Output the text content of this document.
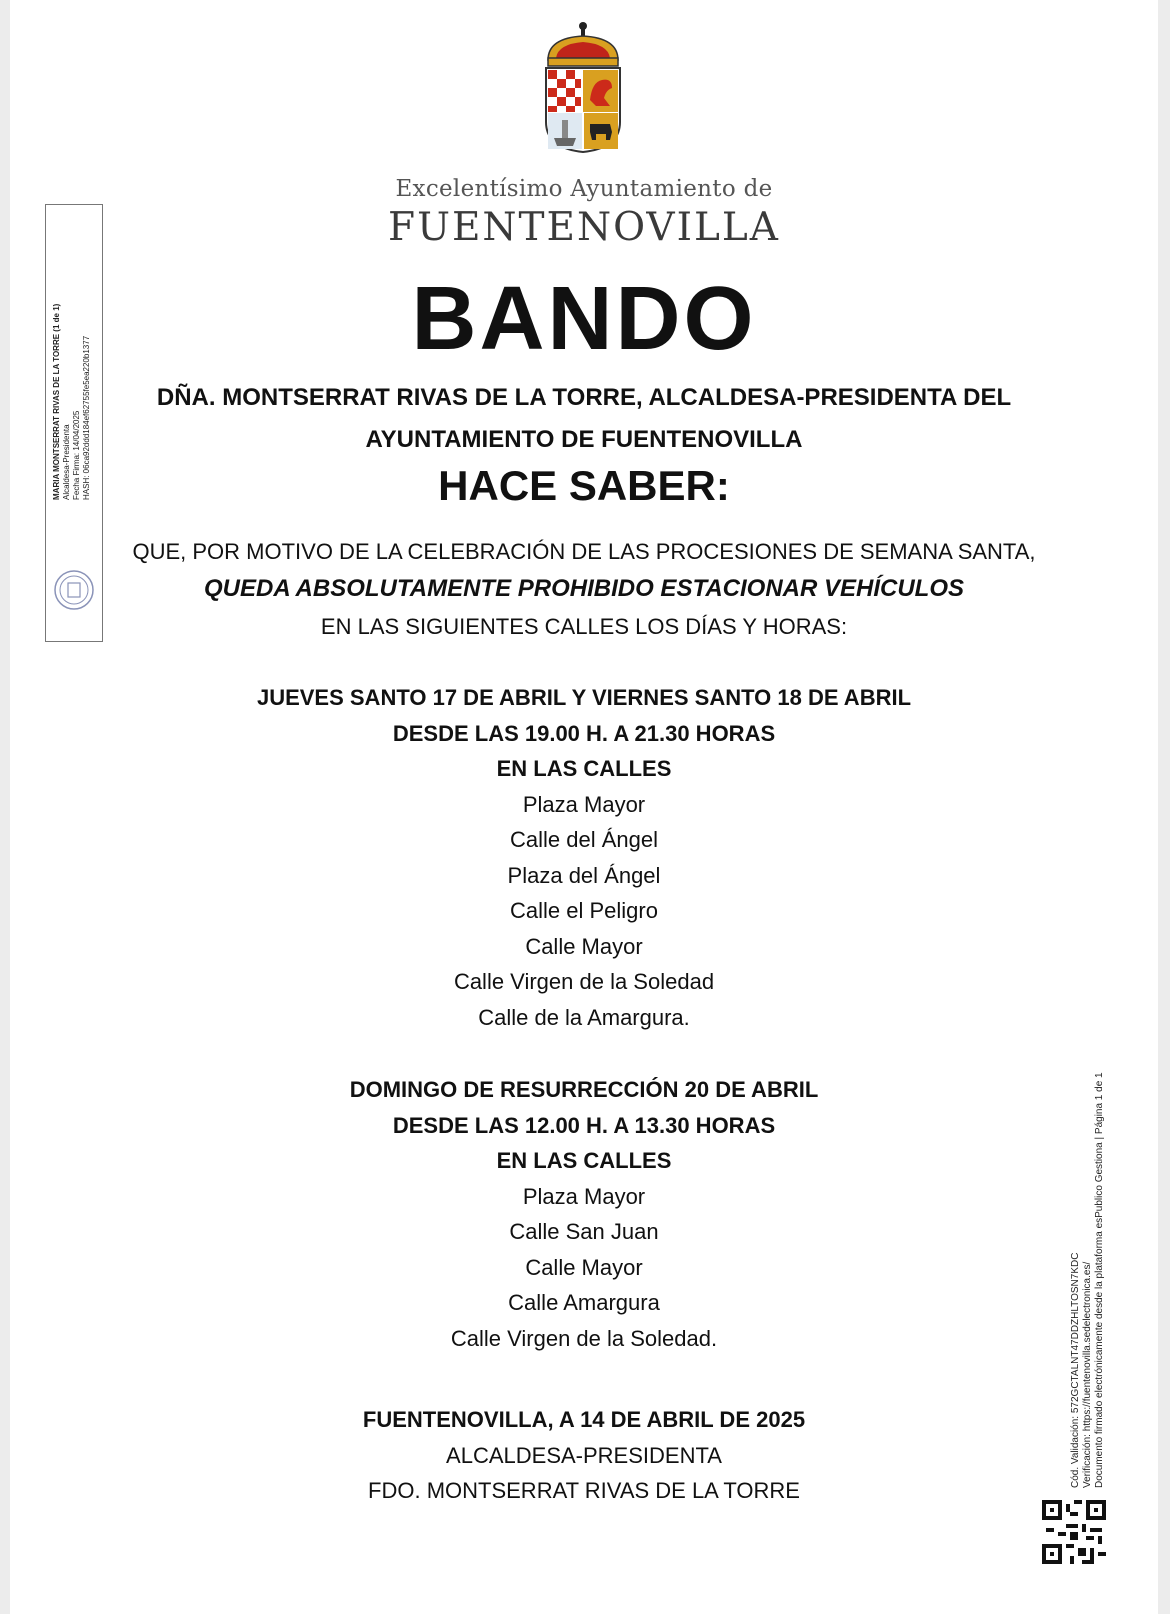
Excelentísimo Ayuntamiento de
FUENTENOVILLA
BANDO
DÑA. MONTSERRAT RIVAS DE LA TORRE, ALCALDESA-PRESIDENTA DEL
AYUNTAMIENTO DE FUENTENOVILLA
HACE SABER:
QUE, POR MOTIVO DE LA CELEBRACIÓN DE LAS PROCESIONES DE SEMANA SANTA,
QUEDA ABSOLUTAMENTE PROHIBIDO ESTACIONAR VEHÍCULOS
EN LAS SIGUIENTES CALLES LOS DÍAS Y HORAS:
JUEVES SANTO 17 DE ABRIL Y VIERNES SANTO 18 DE ABRIL
DESDE LAS 19.00 H. A 21.30 HORAS
EN LAS CALLES
Plaza Mayor
Calle del Ángel
Plaza del Ángel
Calle el Peligro
Calle Mayor
Calle Virgen de la Soledad
Calle de la Amargura.
DOMINGO DE RESURRECCIÓN 20 DE ABRIL
DESDE LAS 12.00 H. A 13.30 HORAS
EN LAS CALLES
Plaza Mayor
Calle San Juan
Calle Mayor
Calle Amargura
Calle Virgen de la Soledad.
FUENTENOVILLA, A 14 DE ABRIL DE 2025
ALCALDESA-PRESIDENTA
FDO. MONTSERRAT RIVAS DE LA TORRE
MARIA MONTSERRAT RIVAS DE LA TORRE (1 de 1) Alcaldesa-Presidenta Fecha Firma: 14/04/2025 HASH: 06ca92ddd184ef62755fe5ea220b1377
Cód. Validación: 572GCTALNT47DDZHLTOSN7KDC Verificación: https://fuentenovilla.sedelectronica.es/ Documento firmado electrónicamente desde la plataforma esPublico Gestiona | Página 1 de 1
